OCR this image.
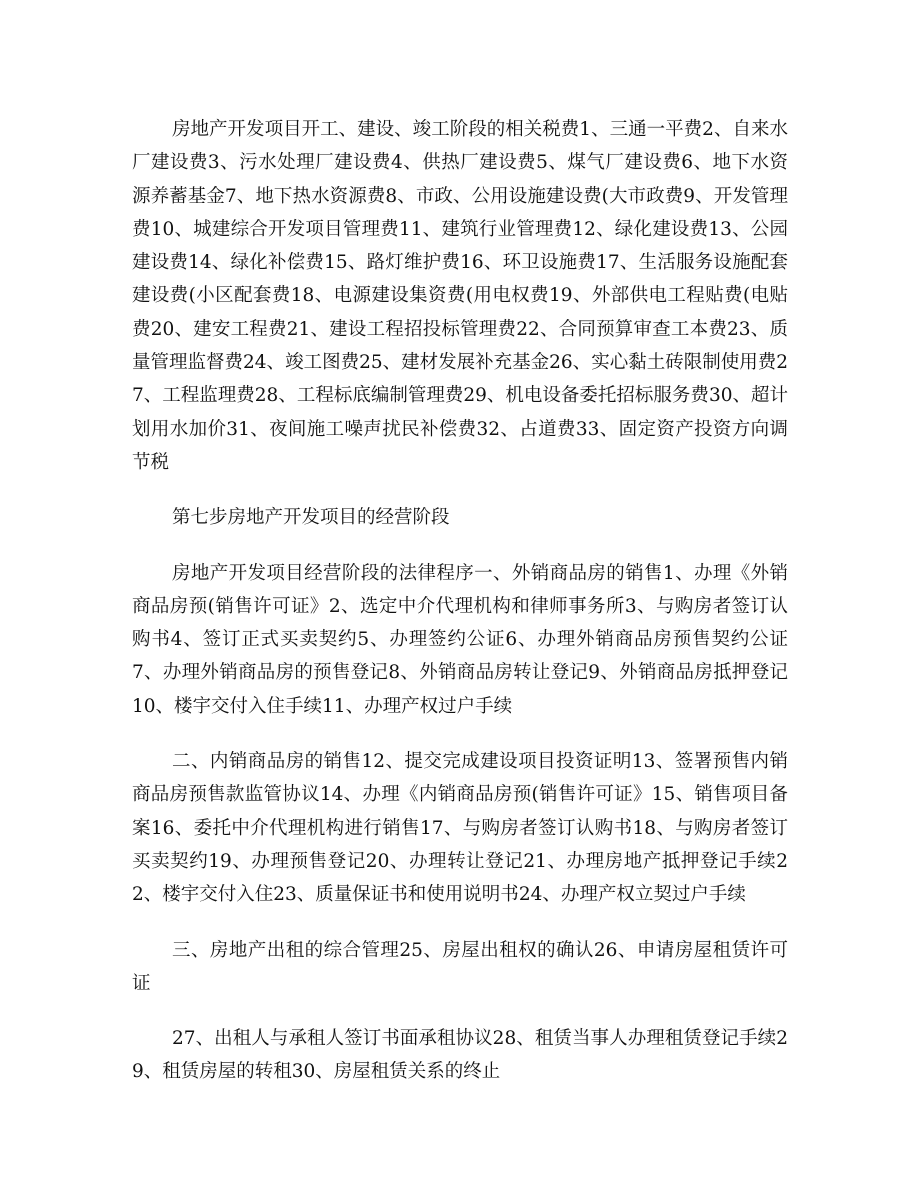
房地产开发项目开工、建设、竣工阶段的相关税费1、三通一平费2、自来水厂建设费3、污水处理厂建设费4、供热厂建设费5、煤气厂建设费6、地下水资源养蓄基金7、地下热水资源费8、市政、公用设施建设费(大市政费9、开发管理费10、城建综合开发项目管理费11、建筑行业管理费12、绿化建设费13、公园建设费14、绿化补偿费15、路灯维护费16、环卫设施费17、生活服务设施配套建设费(小区配套费18、电源建设集资费(用电权费19、外部供电工程贴费(电贴费20、建安工程费21、建设工程招投标管理费22、合同预算审查工本费23、质量管理监督费24、竣工图费25、建材发展补充基金26、实心黏土砖限制使用费27、工程监理费28、工程标底编制管理费29、机电设备委托招标服务费30、超计划用水加价31、夜间施工噪声扰民补偿费32、占道费33、固定资产投资方向调节税

第七步房地产开发项目的经营阶段

房地产开发项目经营阶段的法律程序一、外销商品房的销售1、办理《外销商品房预(销售许可证》2、选定中介代理机构和律师事务所3、与购房者签订认购书4、签订正式买卖契约5、办理签约公证6、办理外销商品房预售契约公证7、办理外销商品房的预售登记8、外销商品房转让登记9、外销商品房抵押登记10、楼宇交付入住手续11、办理产权过户手续

二、内销商品房的销售12、提交完成建设项目投资证明13、签署预售内销商品房预售款监管协议14、办理《内销商品房预(销售许可证》15、销售项目备案16、委托中介代理机构进行销售17、与购房者签订认购书18、与购房者签订买卖契约19、办理预售登记20、办理转让登记21、办理房地产抵押登记手续22、楼宇交付入住23、质量保证书和使用说明书24、办理产权立契过户手续

三、房地产出租的综合管理25、房屋出租权的确认26、申请房屋租赁许可证

27、出租人与承租人签订书面承租协议28、租赁当事人办理租赁登记手续29、租赁房屋的转租30、房屋租赁关系的终止
